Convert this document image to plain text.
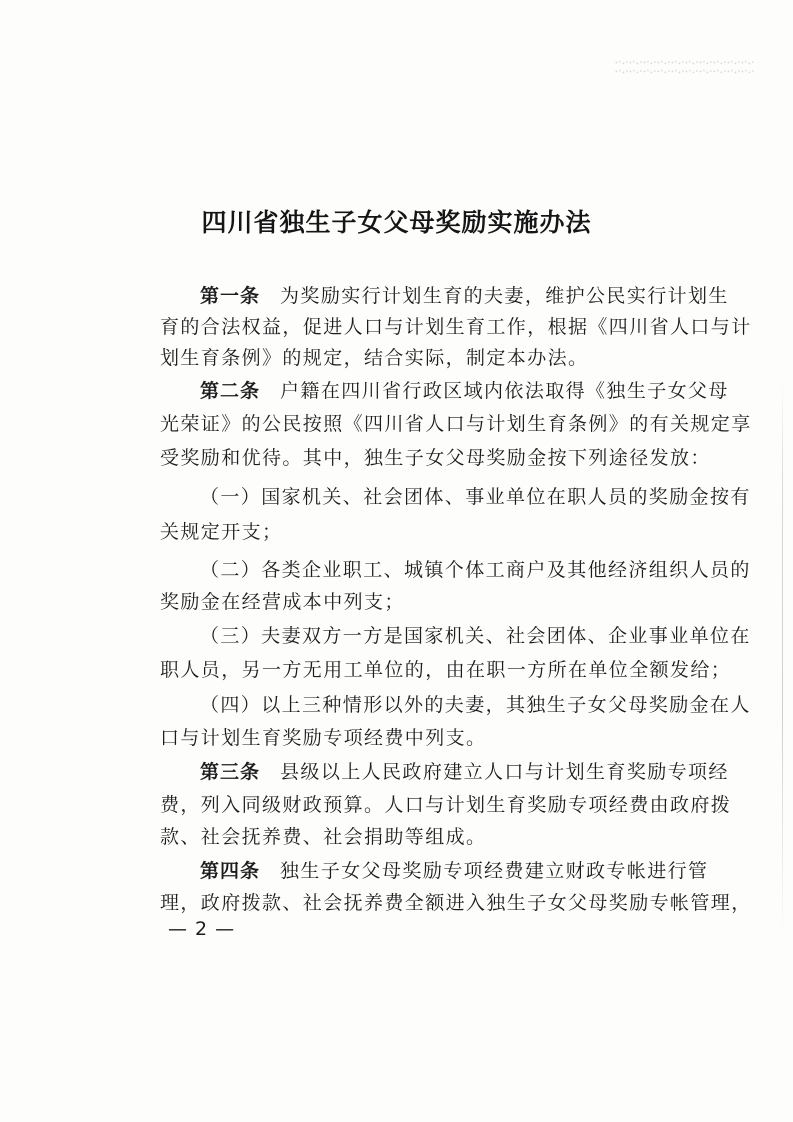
四川省独生子女父母奖励实施办法
第一条 为奖励实行计划生育的夫妻，维护公民实行计划生
育的合法权益，促进人口与计划生育工作，根据《四川省人口与计
划生育条例》的规定，结合实际，制定本办法。
第二条 户籍在四川省行政区域内依法取得《独生子女父母
光荣证》的公民按照《四川省人口与计划生育条例》的有关规定享
受奖励和优待。其中，独生子女父母奖励金按下列途径发放：
（一）国家机关、社会团体、事业单位在职人员的奖励金按有
关规定开支；
（二）各类企业职工、城镇个体工商户及其他经济组织人员的
奖励金在经营成本中列支；
（三）夫妻双方一方是国家机关、社会团体、企业事业单位在
职人员，另一方无用工单位的，由在职一方所在单位全额发给；
（四）以上三种情形以外的夫妻，其独生子女父母奖励金在人
口与计划生育奖励专项经费中列支。
第三条 县级以上人民政府建立人口与计划生育奖励专项经
费，列入同级财政预算。人口与计划生育奖励专项经费由政府拨
款、社会抚养费、社会捐助等组成。
第四条 独生子女父母奖励专项经费建立财政专帐进行管
理，政府拨款、社会抚养费全额进入独生子女父母奖励专帐管理，
— 2 —
